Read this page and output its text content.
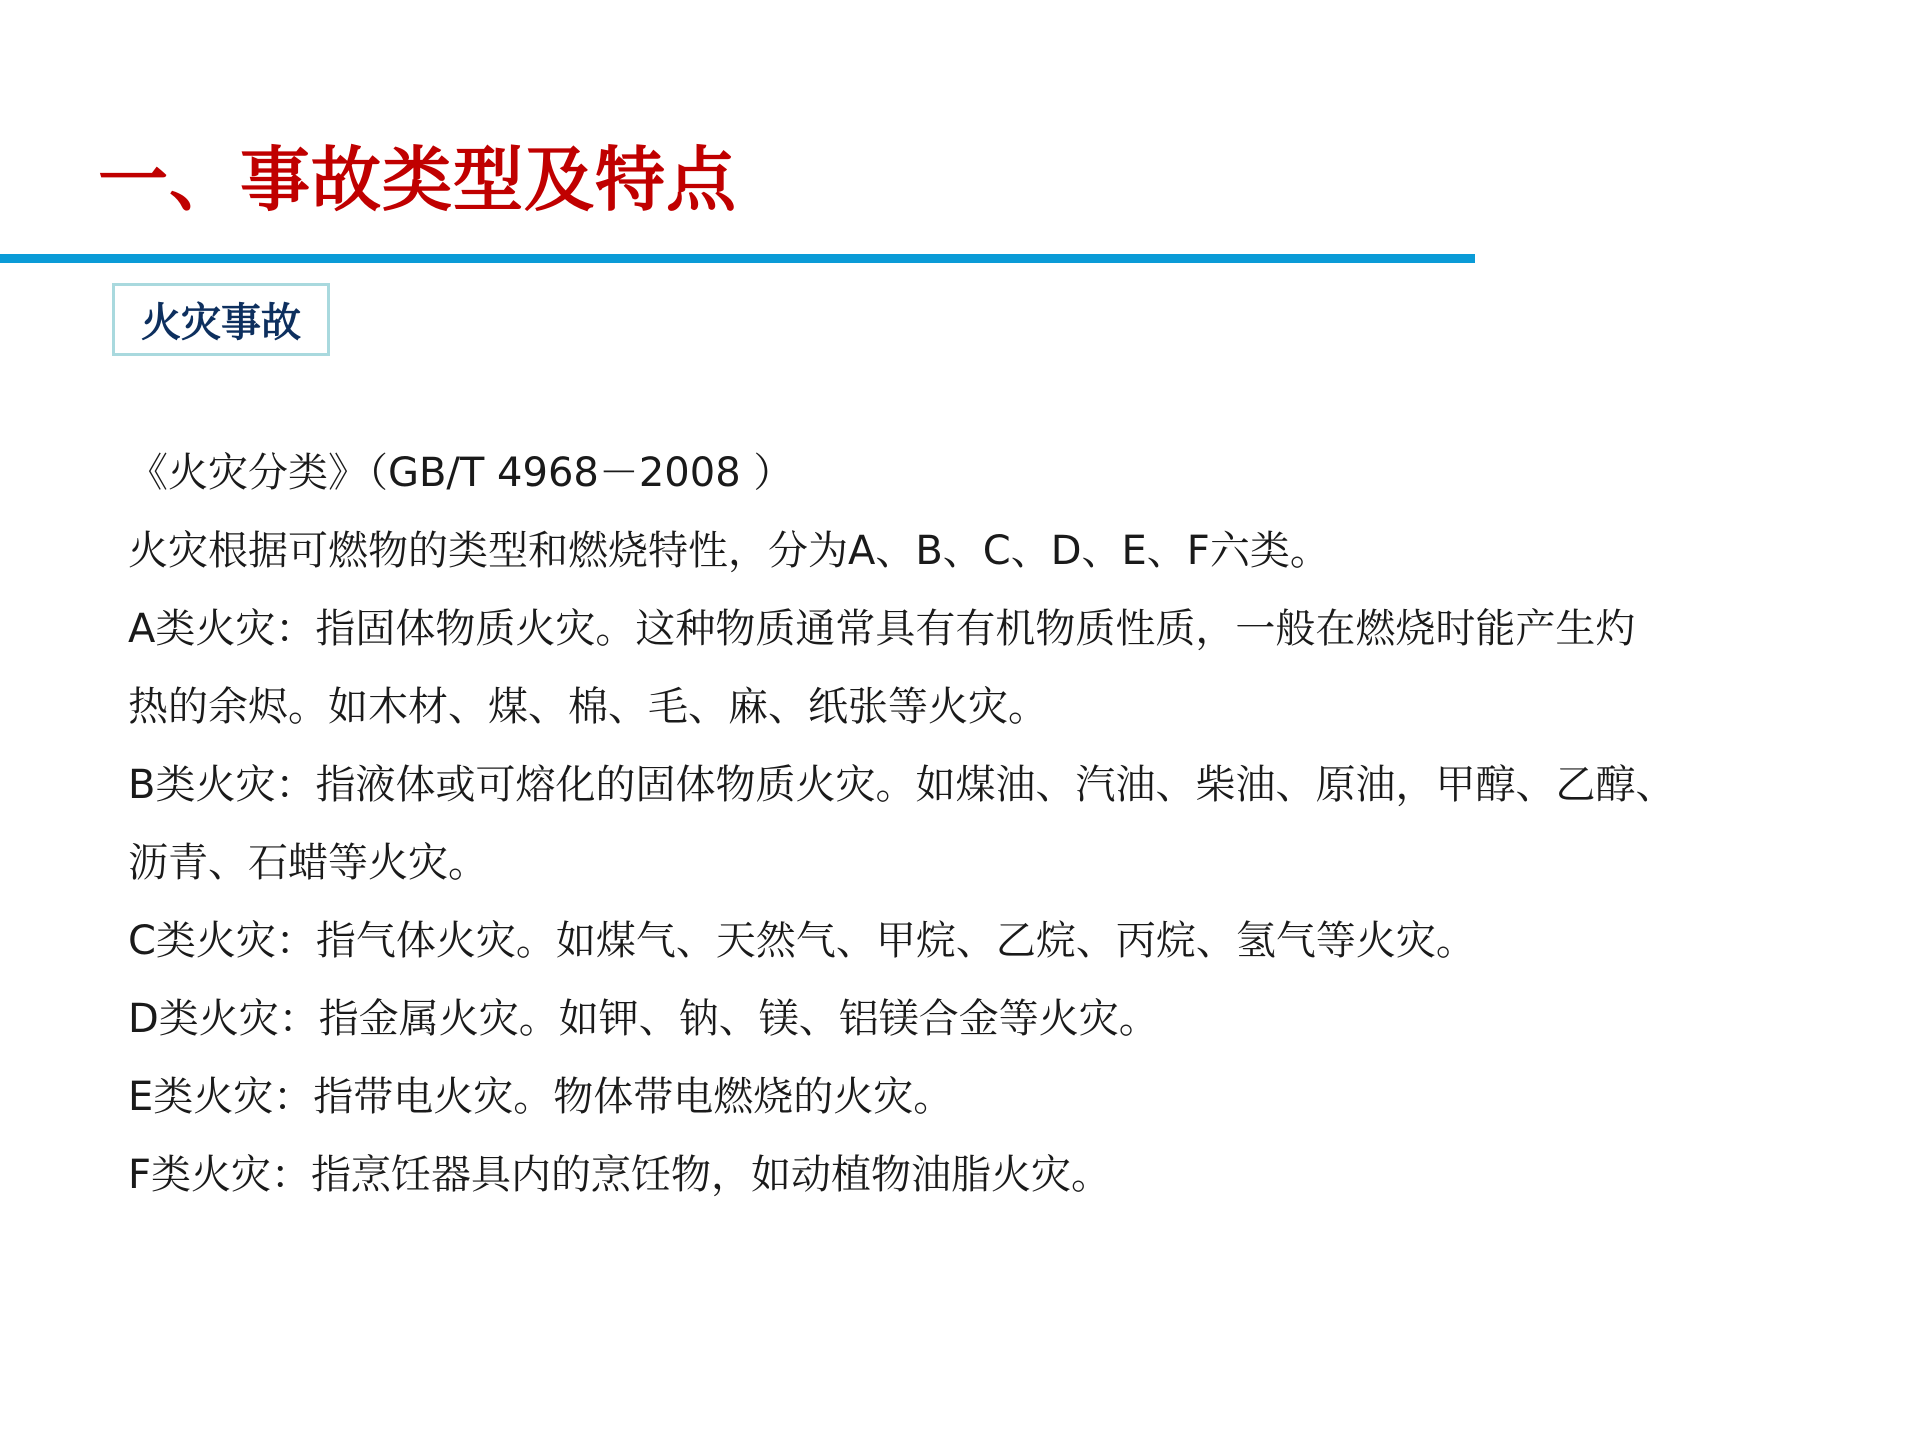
一、事故类型及特点
火灾事故

《火灾分类》（GB/T 4968－2008 ）

火灾根据可燃物的类型和燃烧特性，分为A、B、C、D、E、F六类。

A类火灾：指固体物质火灾。这种物质通常具有有机物质性质，一般在燃烧时能产生灼

热的余烬。如木材、煤、棉、毛、麻、纸张等火灾。

B类火灾：指液体或可熔化的固体物质火灾。如煤油、汽油、柴油、原油，甲醇、乙醇、

沥青、石蜡等火灾。

C类火灾：指气体火灾。如煤气、天然气、甲烷、乙烷、丙烷、氢气等火灾。

D类火灾：指金属火灾。如钾、钠、镁、铝镁合金等火灾。

E类火灾：指带电火灾。物体带电燃烧的火灾。

F类火灾：指烹饪器具内的烹饪物，如动植物油脂火灾。
